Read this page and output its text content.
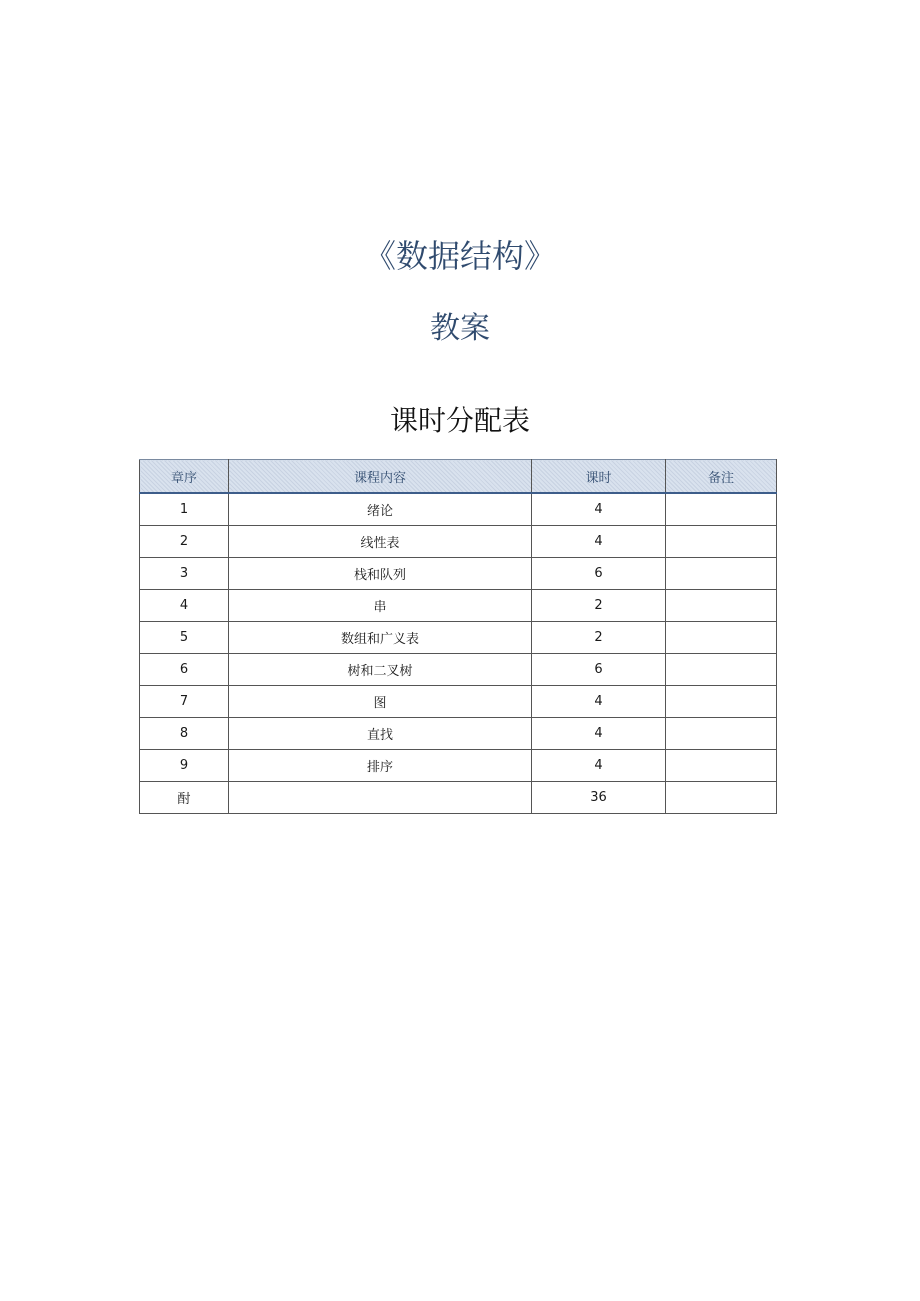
《数据结构》
教案
课时分配表
章序	课程内容	课时	备注
1	绪论	4	
2	线性表	4	
3	栈和队列	6	
4	串	2	
5	数组和广义表	2	
6	树和二叉树	6	
7	图	4	
8	直找	4	
9	排序	4	
酎		36	
